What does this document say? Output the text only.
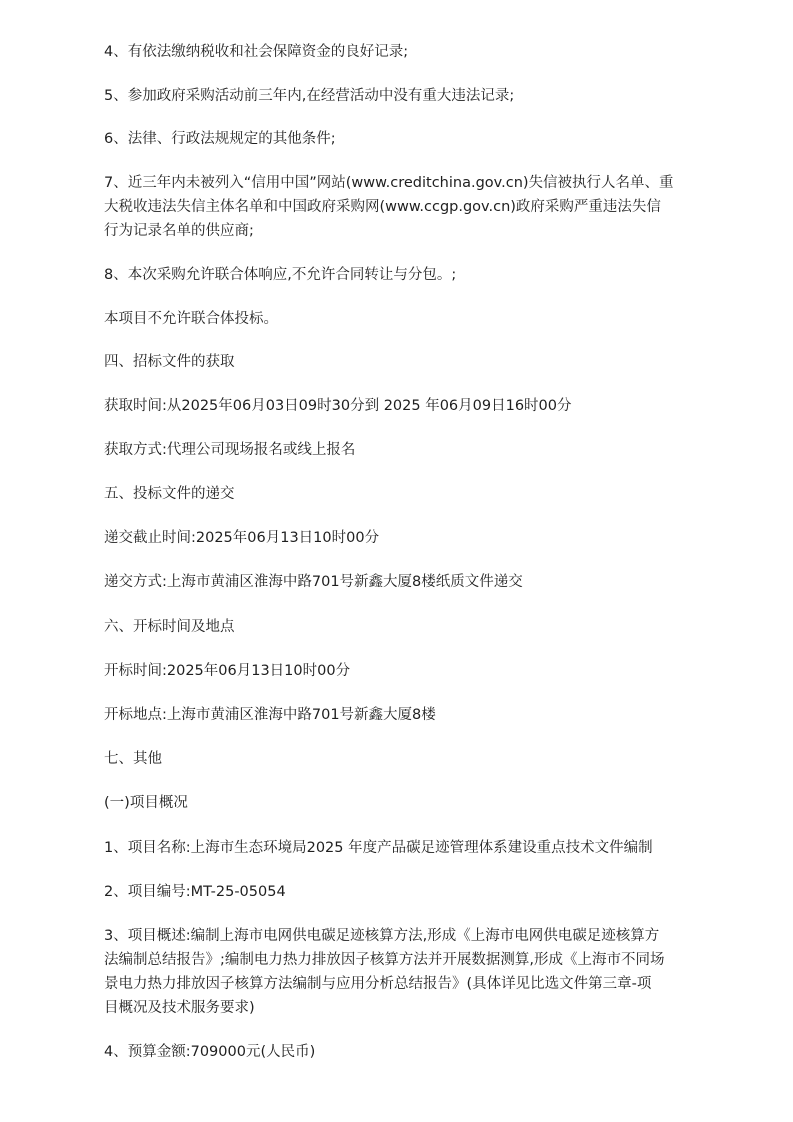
4、有依法缴纳税收和社会保障资金的良好记录;

5、参加政府采购活动前三年内,在经营活动中没有重大违法记录;

6、法律、行政法规规定的其他条件;

7、近三年内未被列入“信用中国”网站(www.creditchina.gov.cn)失信被执行人名单、重
大税收违法失信主体名单和中国政府采购网(www.ccgp.gov.cn)政府采购严重违法失信
行为记录名单的供应商;

8、本次采购允许联合体响应,不允许合同转让与分包。;

本项目不允许联合体投标。

四、招标文件的获取

获取时间:从2025年06月03日09时30分到 2025 年06月09日16时00分

获取方式:代理公司现场报名或线上报名

五、投标文件的递交

递交截止时间:2025年06月13日10时00分

递交方式:上海市黄浦区淮海中路701号新鑫大厦8楼纸质文件递交

六、开标时间及地点

开标时间:2025年06月13日10时00分

开标地点:上海市黄浦区淮海中路701号新鑫大厦8楼

七、其他

(一)项目概况

1、项目名称:上海市生态环境局2025 年度产品碳足迹管理体系建设重点技术文件编制

2、项目编号:MT-25-05054

3、项目概述:编制上海市电网供电碳足迹核算方法,形成《上海市电网供电碳足迹核算方
法编制总结报告》;编制电力热力排放因子核算方法并开展数据测算,形成《上海市不同场
景电力热力排放因子核算方法编制与应用分析总结报告》(具体详见比选文件第三章-项
目概况及技术服务要求)

4、预算金额:709000元(人民币)
